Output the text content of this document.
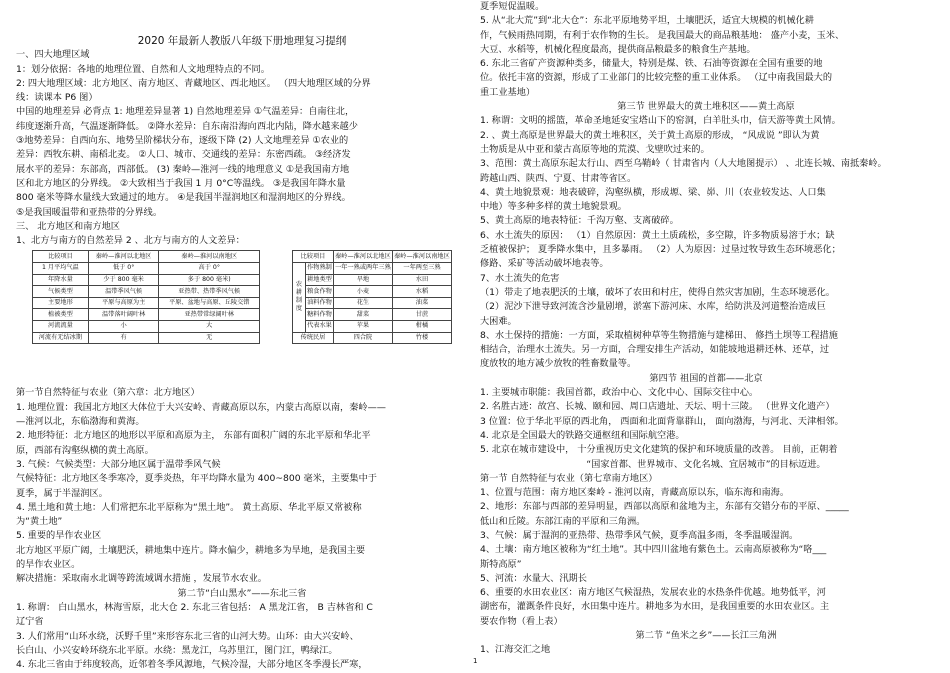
2020 年最新人教版八年级下册地理复习提纲

一、四大地理区域

1：划分依据：各地的地理位置、自然和人文地理特点的不同。

2: 四大地理区域：北方地区、南方地区、青藏地区、西北地区。 （四大地理区域的分界

线：读课本 P6 图）

中国的地理差异 必背点 1: 地理差异显著 1) 自然地理差异 ①气温差异：自南往北，

纬度逐渐升高，气温逐渐降低。 ②降水差异：自东南沿海向西北内陆，降水越来越少

③地势差异：自西向东、地势呈阶梯状分布，逐级下降 (2) 人文地理差异 ①农业的

差异：西牧东耕、南稻北麦。 ②人口、城市、交通线的差异：东密西疏。 ③经济发

展水平的差异：东部高，西部低。 (3) 秦岭—淮河一线的地理意义 ①是我国南方地

区和北方地区的分界线。 ②大致相当于我国 1 月 0°C等温线。 ③是我国年降水量

800 毫米等降水量线大致通过的地方。 ④是我国半湿润地区和湿润地区的分界线。

⑤是我国暖温带和亚热带的分界线。

三、 北方地区和南方地区

1、北方与南方的自然差异 2 、北方与南方的人文差异：

比较项目	秦岭—淮河以北地区	秦岭—淮河以南地区
1 月平均气温	低于 0°	高于 0°
年降水量	少于 800 毫米	多于 800 毫米)
气候类型	温带季风气候	亚热带、热带季风气候
主要地形	平原与高原为主	平原、盆地与高原、丘陵交错
植被类型	温带落叶阔叶林	亚热带常绿阔叶林
河流流量	小	大
河流有无结冰期	有	无
比较项目		秦岭—淮河以北地区	秦岭—淮河以南地区
农耕制度	作物熟制	一年一熟或两年三熟	一年两至三熟
	耕地类型	旱地	水田
	粮食作物	小麦	水稻
	油料作物	花生	油菜
	糖料作物	甜菜	甘蔗
	代表水果	苹果	柑橘
传统民居		四合院	竹楼

第一节自然特征与农业（第六章：北方地区）

1. 地理位置：我国北方地区大体位于大兴安岭、青藏高原以东，内蒙古高原以南，秦岭——

—淮河以北，东临渤海和黄海。

2. 地形特征：北方地区的地形以平原和高原为主， 东部有面积广阔的东北平原和华北平

原，西部有沟壑纵横的黄土高原。

3. 气候：气候类型：大部分地区属于温带季风气候

气候特征：北方地区冬季寒冷，夏季炎热，年平均降水量为 400~800 毫米，主要集中于

夏季，属于半湿润区。

4. 黑土地和黄土地：人们常把东北平原称为“黑土地”。 黄土高原、华北平原又常被称

为“黄土地”

5. 重要的旱作农业区

北方地区平原广阔，土壤肥沃，耕地集中连片。降水偏少，耕地多为旱地，是我国主要

的旱作农业区。

解决措施：采取南水北调等跨流域调水措施 ，发展节水农业。

第二节“白山黑水”——东北三省

1. 称谓： 白山黑水，林海雪原，北大仓 2. 东北三省包括： A 黑龙江省， B 吉林省和 C

辽宁省

3. 人们常用“山环水绕，沃野千里”来形容东北三省的山河大势。山环：由大兴安岭、

长白山、小兴安岭环绕东北平原。水绕：黑龙江，乌苏里江，图门江，鸭绿江。

4. 东北三省由于纬度较高，近邻着冬季风源地，气候冷湿，大部分地区冬季漫长严寒，

夏季短促温暖。

5. 从“北大荒”到“北大仓”：东北平原地势平坦，土壤肥沃，适宜大规模的机械化耕

作，气候雨热同期，有利于农作物的生长。 是我国最大的商品粮基地： 盛产小麦，玉米、

大豆、水稻等，机械化程度最高，提供商品粮最多的粮食生产基地。

6. 东北三省矿产资源种类多，储量大，特别是煤、铁、石油等资源在全国有重要的地

位。依托丰富的资源，形成了工业部门的比较完整的重工业体系。 （辽中南我国最大的

重工业基地）

第三节 世界最大的黄土堆积区——黄土高原

1. 称谓：文明的摇篮，革命圣地延安宝塔山下的窑洞，白羊肚头巾，信天游等黄土风情。

2. 、黄土高原是世界最大的黄土堆积区，关于黄土高原的形成， “风成说 ”即认为黄

土物质是从中亚和蒙古高原等地的荒漠、戈壁吹过来的。

3、范围：黄土高原东起太行山、西至乌鞘岭（ 甘肃省内（人大地图提示） 、北连长城、南抵秦岭。

跨越山西、陕西、宁夏、甘肃等省区。

4、黄土地貌景观：地表破碎，沟壑纵横，形成塬、梁、峁、川（农业较发达、人口集

中地）等多种多样的黄土地貌景观。

5、黄土高原的地表特征：千沟万壑、支离破碎。

6、水土流失的原因： （1）自然原因：黄土土质疏松，多空隙，许多物质易溶于水；缺

乏植被保护； 夏季降水集中，且多暴雨。 （2）人为原因：过垦过牧导致生态环境恶化；

修路、采矿等活动破坏地表等。

7、水土流失的危害

（1）带走了地表肥沃的土壤，破坏了农田和村庄，使得自然灾害加剧，生态环境恶化。

（2）泥沙下泄导致河流含沙量剧增，淤塞下游河床、水库，给防洪及河道整治造成巨

大困难。

8、水土保持的措施：一方面，采取植树种草等生物措施与建梯田、 修挡土坝等工程措施

相结合，治理水土流失。另一方面，合理安排生产活动，如能坡地退耕还林、还草，过

度放牧的地方减少放牧的牲畜数量等。

第四节 祖国的首都——北京

1. 主要城市职能：我国首都，政治中心、文化中心、国际交往中心。

2. 名胜古迹：故宫、长城、颐和园、周口店遗址、天坛、明十三陵。 （世界文化遗产）

3 位置：位于华北平原的西北角， 西面和北面背靠群山， 面向渤海，与河北、天津相邻。

4. 北京是全国最大的铁路交通枢纽和国际航空港。

5. 北京在城市建设中， 十分重视历史文化建筑的保护和环境质量的改善。 目前，正朝着

“国家首都、世界城市、文化名城、宜居城市”的目标迈进。

第一节 自然特征与农业（第七章南方地区）

1、位置与范围：南方地区秦岭 - 淮河以南，青藏高原以东，临东海和南海。

2、地形：东部与西部的差异明显，西部以高原和盆地为主，东部有交错分布的平原、_____

低山和丘陵。东部江南的平原和三角洲。

3、气候：属于湿润的亚热带、热带季风气候，夏季高温多雨，冬季温暖湿润。

4、土壤：南方地区被称为“红土地”。其中四川盆地有紫色土。云南高原被称为“咯___

斯特高原”

5、河流：水量大、汛期长

6、重要的水田农业区：南方地区气候湿热，发展农业的水热条件优越。地势低平，河

湖密布，灌溉条件良好，水田集中连片。耕地多为水田，是我国重要的水田农业区。主

要农作物（看上表）

第二节 “鱼米之乡”——长江三角洲

1、江海交汇之地

1
